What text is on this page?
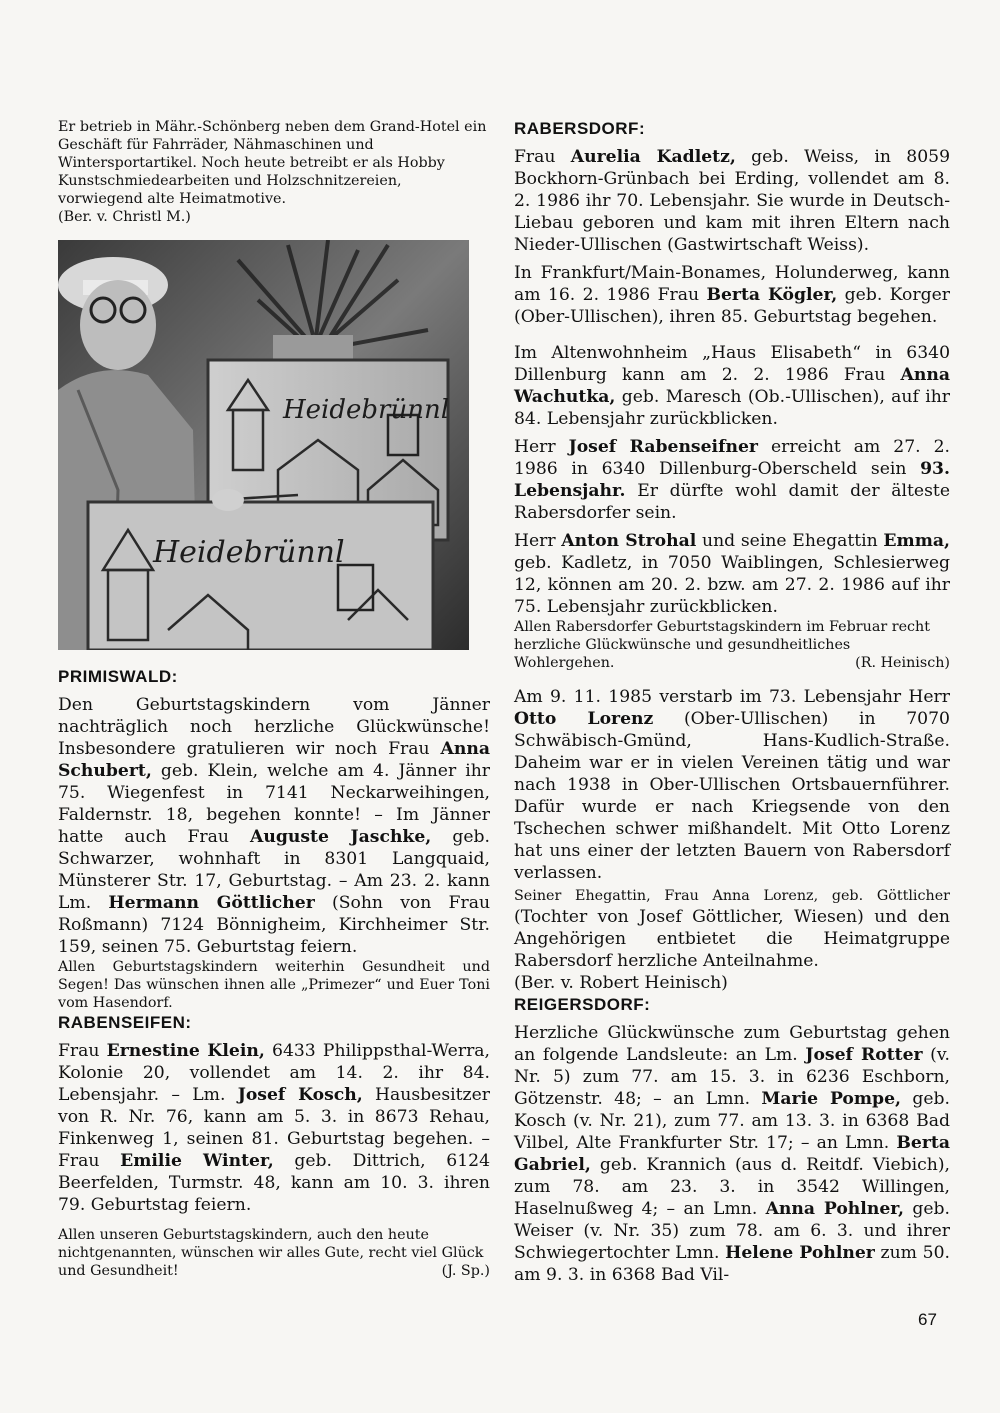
Er betrieb in Mähr.-Schönberg neben dem Grand-Hotel ein Geschäft für Fahrräder, Nähmaschinen und Wintersportartikel. Noch heute betreibt er als Hobby Kunstschmiedearbeiten und Holzschnitzereien, vorwiegend alte Heimatmotive.
(Ber. v. Christl M.)

Heidebrünnl
Heidebrünnl
PRIMISWALD:

Den Geburtstagskindern vom Jänner nachträglich noch herzliche Glückwünsche! Insbesondere gratulieren wir noch Frau Anna Schubert, geb. Klein, welche am 4. Jänner ihr 75. Wiegenfest in 7141 Neckarweihingen, Faldernstr. 18, begehen konnte! – Im Jänner hatte auch Frau Auguste Jaschke, geb. Schwarzer, wohnhaft in 8301 Langquaid, Münsterer Str. 17, Geburtstag. – Am 23. 2. kann Lm. Hermann Göttlicher (Sohn von Frau Roßmann) 7124 Bönnigheim, Kirchheimer Str. 159, seinen 75. Geburtstag feiern.

Allen Geburtstagskindern weiterhin Gesundheit und Segen! Das wünschen ihnen alle „Primezer“ und Euer Toni vom Hasendorf.

RABENSEIFEN:

Frau Ernestine Klein, 6433 Philippsthal-Werra, Kolonie 20, vollendet am 14. 2. ihr 84. Lebensjahr. – Lm. Josef Kosch, Hausbesitzer von R. Nr. 76, kann am 5. 3. in 8673 Rehau, Finkenweg 1, seinen 81. Geburtstag begehen. – Frau Emilie Winter, geb. Dittrich, 6124 Beerfelden, Turmstr. 48, kann am 10. 3. ihren 79. Geburtstag feiern.

Allen unseren Geburtstagskindern, auch den heute nichtgenannten, wünschen wir alles Gute, recht viel Glück und Gesundheit!	(J. Sp.)

RABERSDORF:

Frau Aurelia Kadletz, geb. Weiss, in 8059 Bockhorn-Grünbach bei Erding, vollendet am 8. 2. 1986 ihr 70. Lebensjahr. Sie wurde in Deutsch-Liebau geboren und kam mit ihren Eltern nach Nieder-Ullischen (Gastwirtschaft Weiss).

In Frankfurt/Main-Bonames, Holunderweg, kann am 16. 2. 1986 Frau Berta Kögler, geb. Korger (Ober-Ullischen), ihren 85. Geburtstag begehen.

Im Altenwohnheim „Haus Elisabeth“ in 6340 Dillenburg kann am 2. 2. 1986 Frau Anna Wachutka, geb. Maresch (Ob.-Ullischen), auf ihr 84. Lebensjahr zurückblicken.

Herr Josef Rabenseifner erreicht am 27. 2. 1986 in 6340 Dillenburg-Oberscheld sein 93. Lebensjahr. Er dürfte wohl damit der älteste Rabersdorfer sein.

Herr Anton Strohal und seine Ehegattin Emma, geb. Kadletz, in 7050 Waiblingen, Schlesierweg 12, können am 20. 2. bzw. am 27. 2. 1986 auf ihr 75. Lebensjahr zurückblicken.

Allen Rabersdorfer Geburtstagskindern im Februar recht herzliche Glückwünsche und gesundheitliches Wohlergehen.	(R. Heinisch)

Am 9. 11. 1985 verstarb im 73. Lebensjahr Herr Otto Lorenz (Ober-Ullischen) in 7070 Schwäbisch-Gmünd, Hans-Kudlich-Straße. Daheim war er in vielen Vereinen tätig und war nach 1938 in Ober-Ullischen Ortsbauernführer. Dafür wurde er nach Kriegsende von den Tschechen schwer mißhandelt. Mit Otto Lorenz hat uns einer der letzten Bauern von Rabersdorf verlassen.

Seiner Ehegattin, Frau Anna Lorenz, geb. Göttlicher (Tochter von Josef Göttlicher, Wiesen) und den Angehörigen entbietet die Heimatgruppe Rabersdorf herzliche Anteilnahme.
(Ber. v. Robert Heinisch)

REIGERSDORF:

Herzliche Glückwünsche zum Geburtstag gehen an folgende Landsleute: an Lm. Josef Rotter (v. Nr. 5) zum 77. am 15. 3. in 6236 Eschborn, Götzenstr. 48; – an Lmn. Marie Pompe, geb. Kosch (v. Nr. 21), zum 77. am 13. 3. in 6368 Bad Vilbel, Alte Frankfurter Str. 17; – an Lmn. Berta Gabriel, geb. Krannich (aus d. Reitdf. Viebich), zum 78. am 23. 3. in 3542 Willingen, Haselnußweg 4; – an Lmn. Anna Pohlner, geb. Weiser (v. Nr. 35) zum 78. am 6. 3. und ihrer Schwiegertochter Lmn. Helene Pohlner zum 50. am 9. 3. in 6368 Bad Vil-

67
